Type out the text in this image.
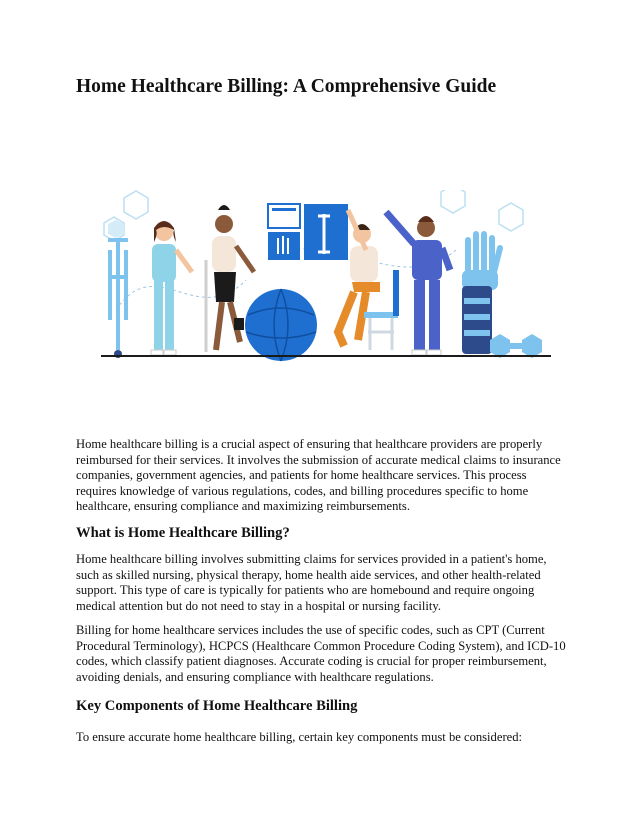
Home Healthcare Billing: A Comprehensive Guide

Home healthcare billing is a crucial aspect of ensuring that healthcare providers are properly reimbursed for their services. It involves the submission of accurate medical claims to insurance companies, government agencies, and patients for home healthcare services. This process requires knowledge of various regulations, codes, and billing procedures specific to home healthcare, ensuring compliance and maximizing reimbursements.

What is Home Healthcare Billing?

Home healthcare billing involves submitting claims for services provided in a patient's home, such as skilled nursing, physical therapy, home health aide services, and other health-related support. This type of care is typically for patients who are homebound and require ongoing medical attention but do not need to stay in a hospital or nursing facility.

Billing for home healthcare services includes the use of specific codes, such as CPT (Current Procedural Terminology), HCPCS (Healthcare Common Procedure Coding System), and ICD-10 codes, which classify patient diagnoses. Accurate coding is crucial for proper reimbursement, avoiding denials, and ensuring compliance with healthcare regulations.

Key Components of Home Healthcare Billing

To ensure accurate home healthcare billing, certain key components must be considered:
